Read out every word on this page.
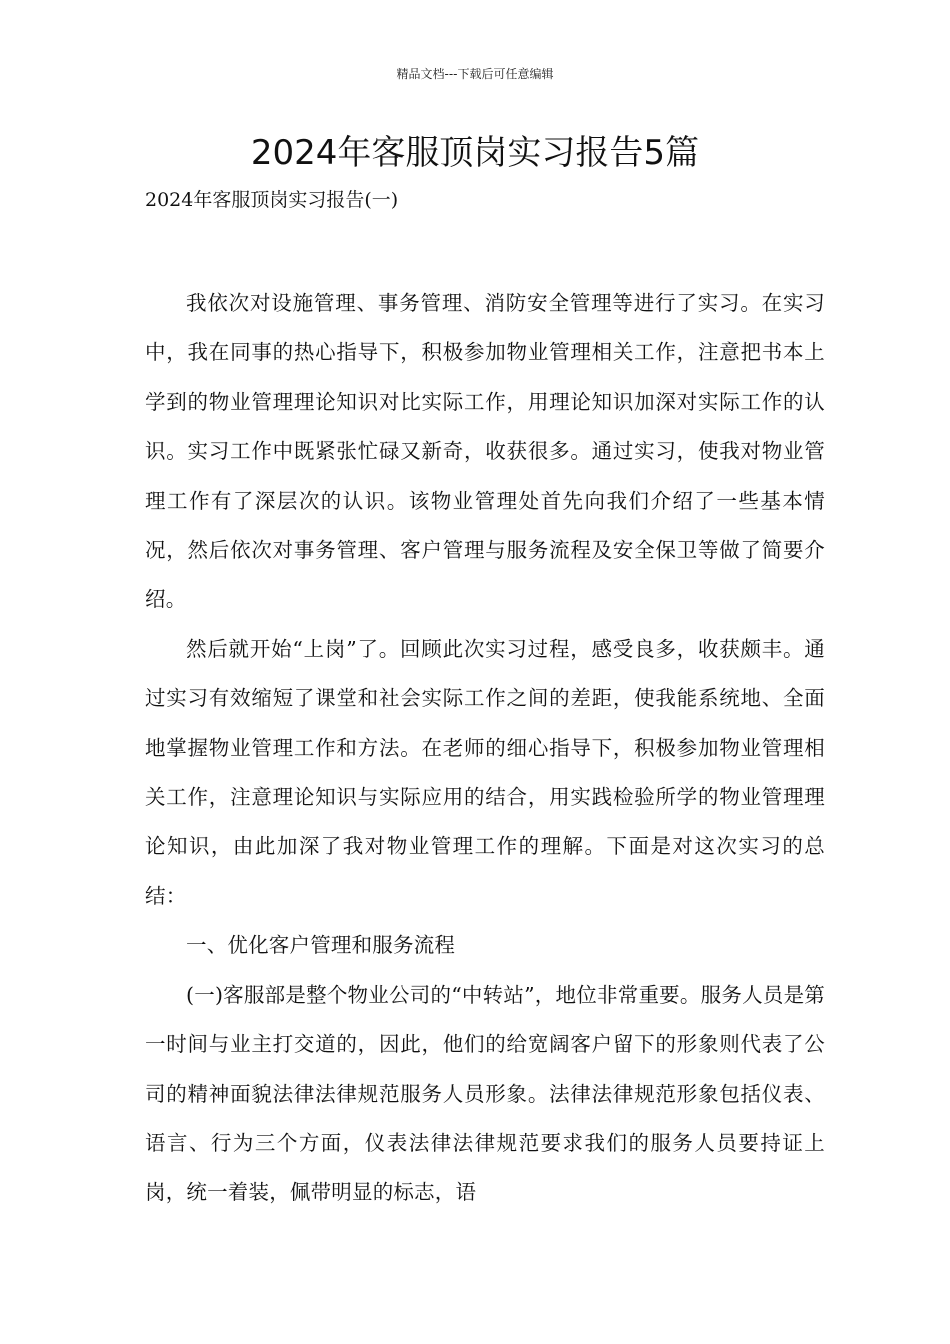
精品文档---下载后可任意编辑
2024年客服顶岗实习报告5篇

2024年客服顶岗实习报告(一)

我依次对设施管理、事务管理、消防安全管理等进行了实习。在实习中，我在同事的热心指导下，积极参加物业管理相关工作，注意把书本上学到的物业管理理论知识对比实际工作，用理论知识加深对实际工作的认识。实习工作中既紧张忙碌又新奇，收获很多。通过实习，使我对物业管理工作有了深层次的认识。该物业管理处首先向我们介绍了一些基本情况，然后依次对事务管理、客户管理与服务流程及安全保卫等做了简要介绍。

然后就开始“上岗”了。回顾此次实习过程，感受良多，收获颇丰。通过实习有效缩短了课堂和社会实际工作之间的差距，使我能系统地、全面地掌握物业管理工作和方法。在老师的细心指导下，积极参加物业管理相关工作，注意理论知识与实际应用的结合，用实践检验所学的物业管理理论知识，由此加深了我对物业管理工作的理解。下面是对这次实习的总结：

一、优化客户管理和服务流程

(一)客服部是整个物业公司的“中转站”，地位非常重要。服务人员是第一时间与业主打交道的，因此，他们的给宽阔客户留下的形象则代表了公司的精神面貌法律法律规范服务人员形象。法律法律规范形象包括仪表、语言、行为三个方面，仪表法律法律规范要求我们的服务人员要持证上岗，统一着装，佩带明显的标志，语
